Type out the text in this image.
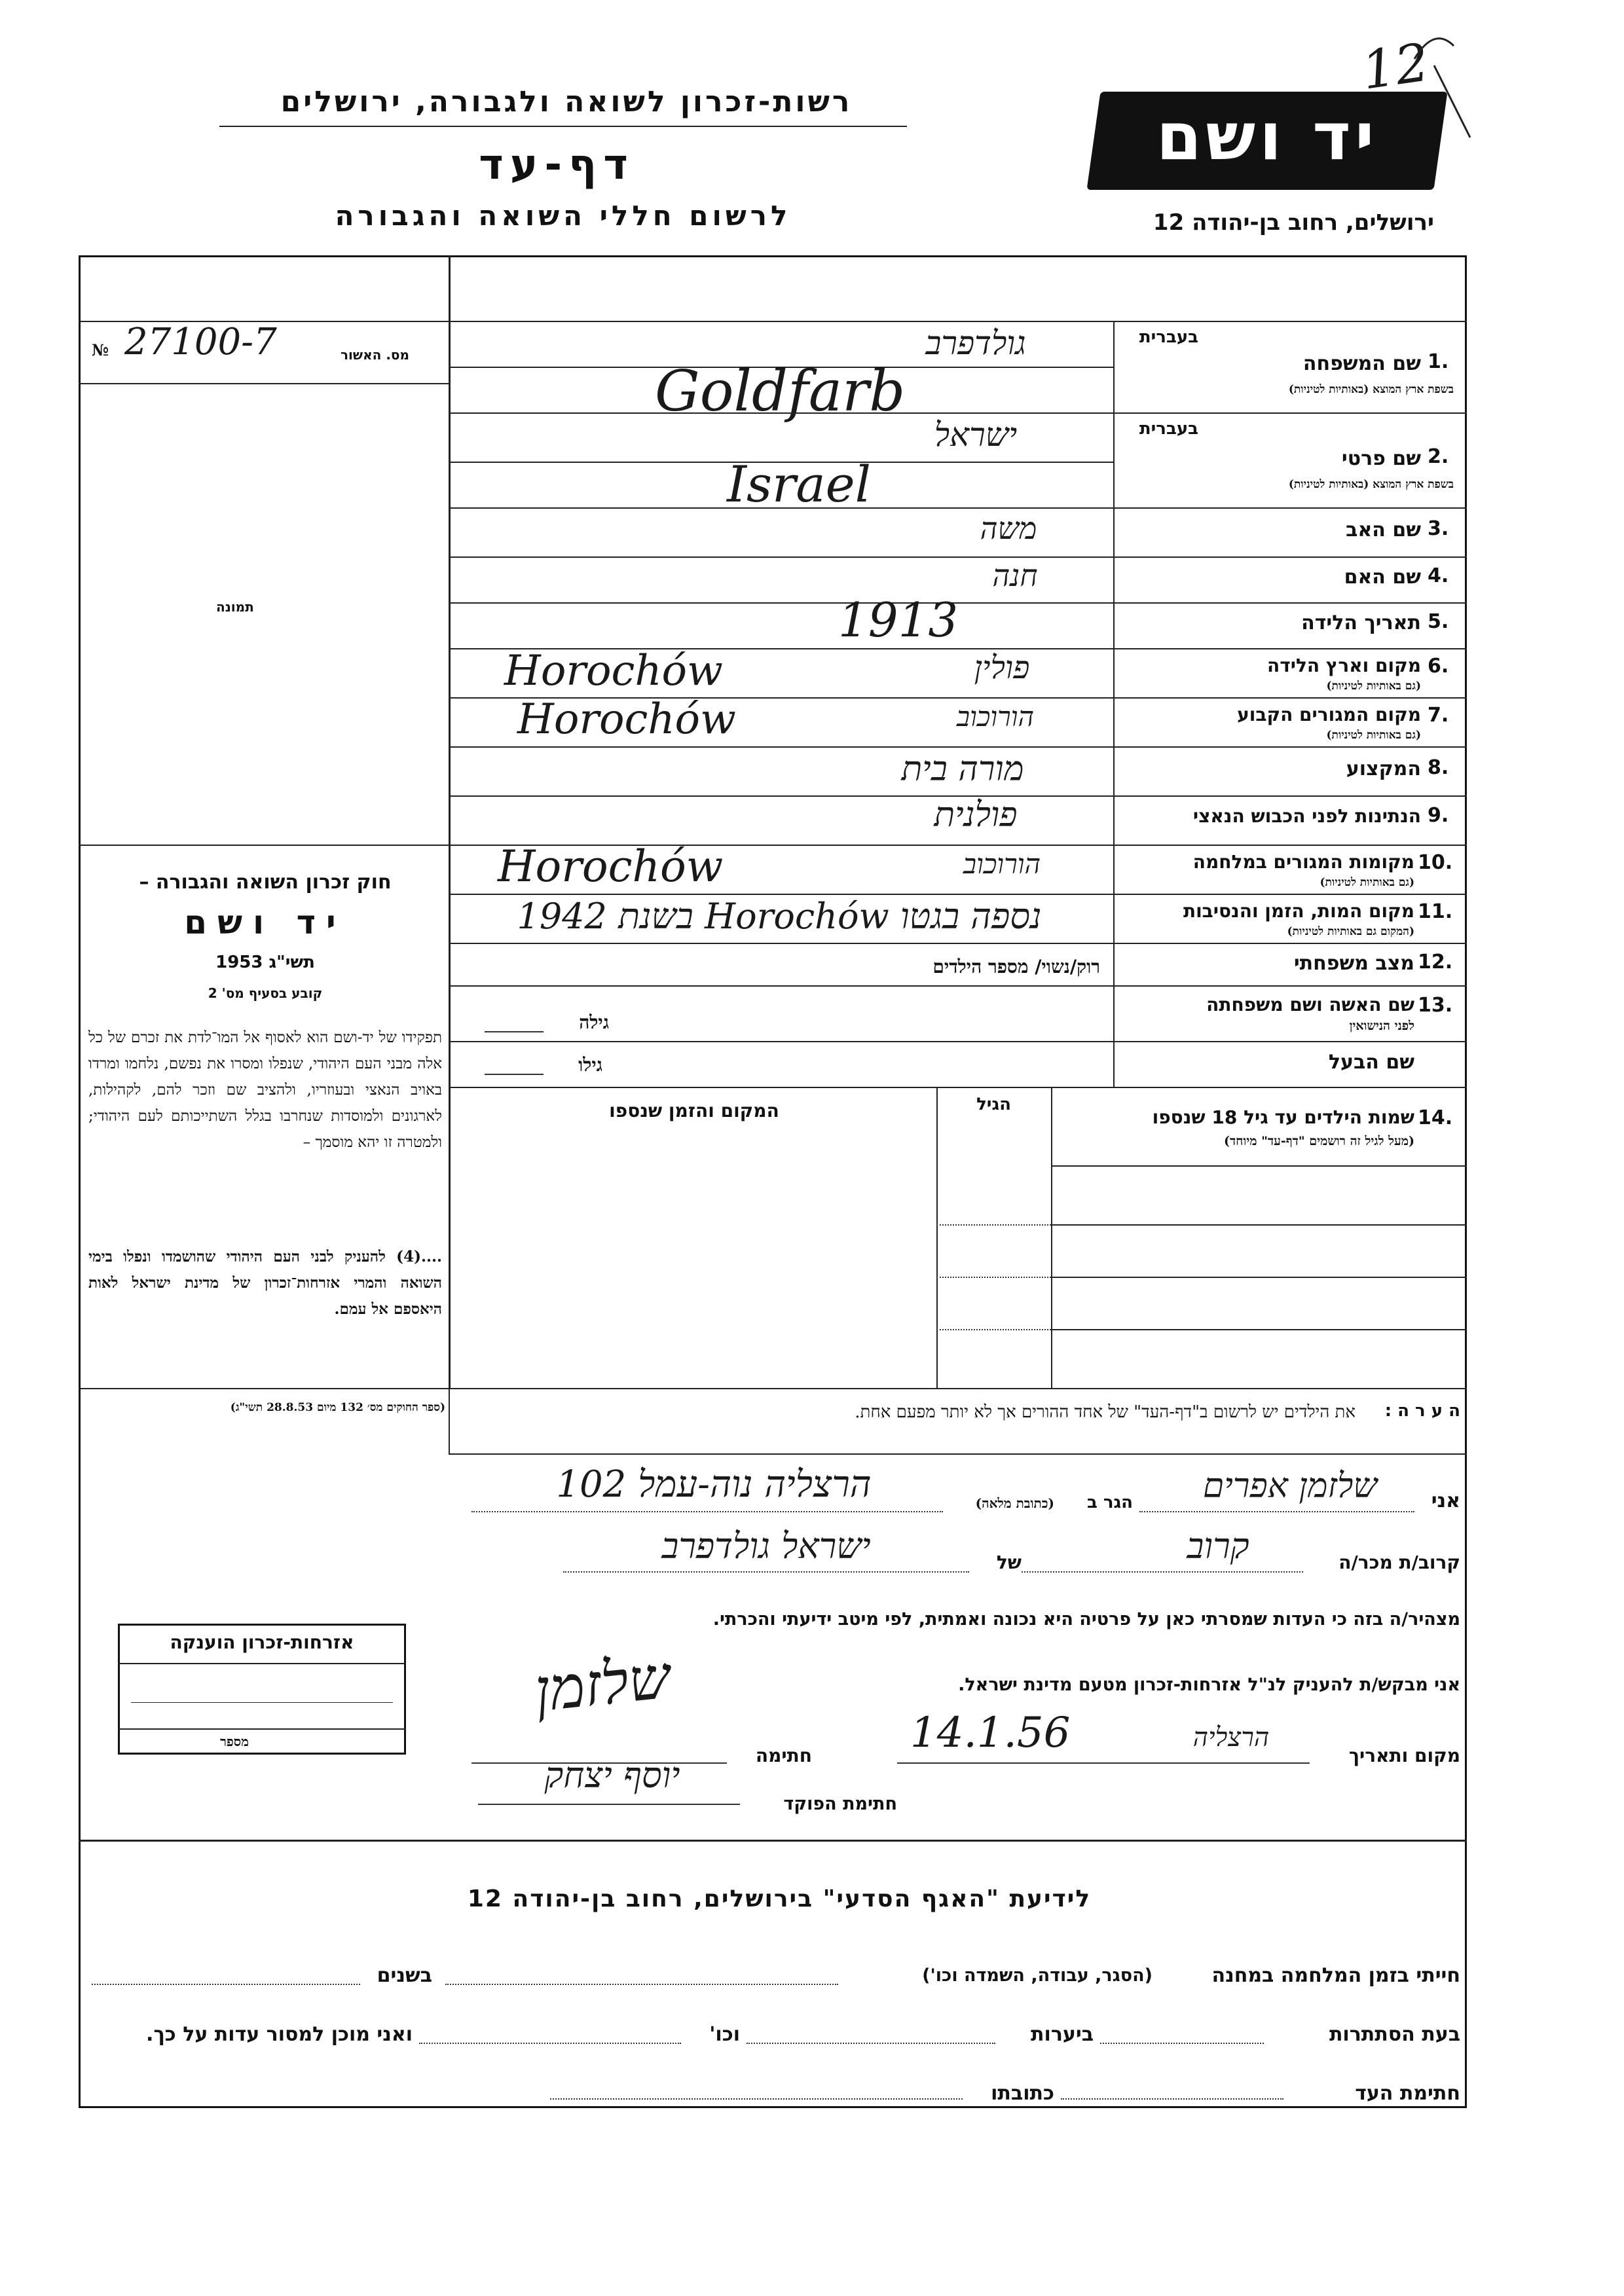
רשות-זכרון לשואה ולגבורה, ירושלים
דף-עד
לרשום חללי השואה והגבורה
יד ושם
ירושלים, רחוב בן-יהודה 12
12
מס. האשור
№ 27100-7
תמונה
חוק זכרון השואה והגבורה –
יד ושם
תשי"ג 1953
קובע בסעיף מס' 2
תפקידו של יד-ושם הוא לאסוף אל המו־לדת את זכרם של כל אלה מבני העם היהודי, שנפלו ומסרו את נפשם, נלחמו ומרדו באויב הנאצי ובעוזריו, ולהציב שם וזכר להם, לקהילות, לארגונים ולמוסדות שנחרבו בגלל השתייכותם לעם היהודי; ולמטרה זו יהא מוסמך –
....(4) להעניק לבני העם היהודי שהושמדו ונפלו בימי השואה והמרי אזרחות־זכרון של מדינת ישראל לאות היאספם אל עמם.
(ספר החוקים מס׳ 132 מיום 28.8.53 תשי"ג)
אזרחות-זכרון הוענקה
מספר
בעברית
1.
שם המשפחה
בשפת ארץ המוצא (באותיות לטיניות)
גולדפרב
Goldfarb
בעברית
2.
שם פרטי
בשפת ארץ המוצא (באותיות לטיניות)
ישראל
Israel
3.
שם האב
משה
4.
שם האם
חנה
5.
תאריך הלידה
1913
6.
מקום וארץ הלידה
(גם באותיות לטיניות)
Horochów	פולין
7.
מקום המגורים הקבוע
(גם באותיות לטיניות)
Horochów	הורוכוב
8.
המקצוע
מורה בית
9.
הנתינות לפני הכבוש הנאצי
פולנית
10.
מקומות המגורים במלחמה
(גם באותיות לטיניות)
Horochów	הורוכוב
11.
מקום המות, הזמן והנסיבות
(המקום גם באותיות לטיניות)
נספה בגטו Horochów בשנת 1942
12.
מצב משפחתי
רוק/נשוי/ מספר הילדים
13.
שם האשה ושם משפחתה
לפני הנישואין
גילה
שם הבעל
גילו
14.
שמות הילדים עד גיל 18 שנספו
(מעל לגיל זה רושמים "דף-עד" מיוחד)
הגיל
המקום והזמן שנספו
ה ע ר ה :
את הילדים יש לרשום ב"דף-העד" של אחד ההורים אך לא יותר מפעם אחת.
אני
שלזמן אפרים
הגר ב
(כתובת מלאה)
הרצליה נוה-עמל 102
קרוב/ת מכר/ה
קרוב
של
ישראל גולדפרב
מצהיר/ה בזה כי העדות שמסרתי כאן על פרטיה היא נכונה ואמתית, לפי מיטב ידיעתי והכרתי.
אני מבקש/ת להעניק לנ"ל אזרחות-זכרון מטעם מדינת ישראל.
מקום ותאריך
הרצליה
14.1.56
חתימה
שלזמן
חתימת הפוקד
יוסף יצחק
לידיעת "האגף הסדעי" בירושלים, רחוב בן-יהודה 12
חייתי בזמן המלחמה במחנה
(הסגר, עבודה, השמדה וכו')
בשנים
בעת הסתתרות
ביערות
וכו'
ואני מוכן למסור עדות על כך.
חתימת העד
כתובתו
